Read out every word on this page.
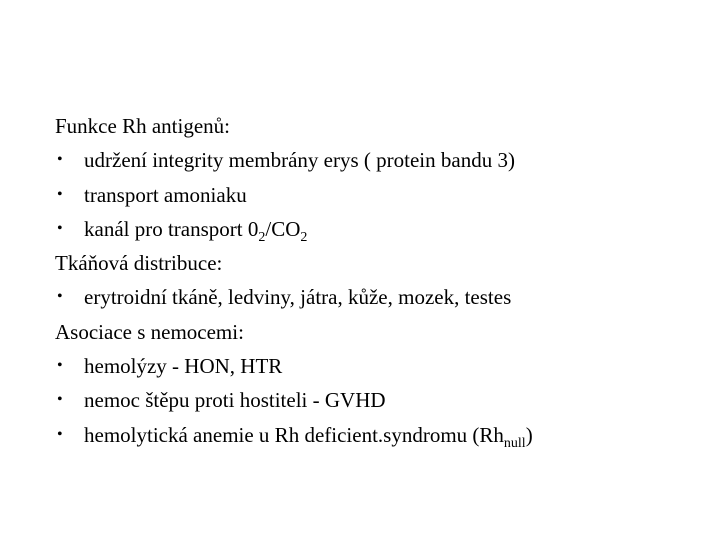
Funkce Rh antigenů:
• udržení integrity membrány erys ( protein bandu 3)
• transport amoniaku
• kanál pro transport $0_2/CO_2$
Tkáňová distribuce:
• erytroidní tkáně, ledviny, játra, kůže, mozek, testes
Asociace s nemocemi:
• hemolýzy - HON, HTR
• nemoc štěpu proti hostiteli - GVHD
• hemolytická anemie u Rh deficient.syndromu $(Rh_{null})$
